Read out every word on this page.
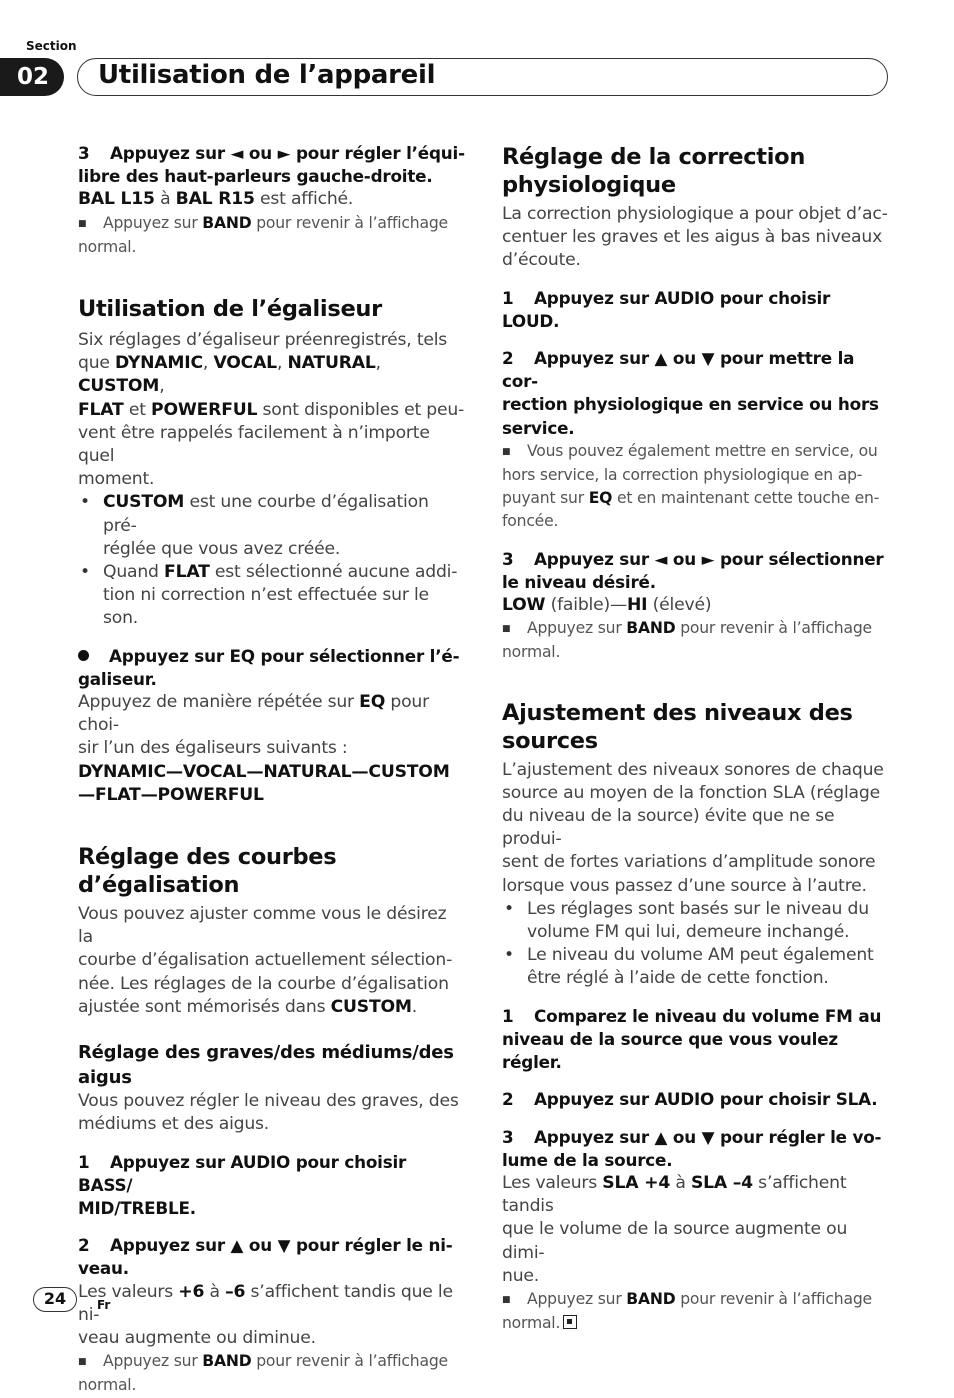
Section
02	Utilisation de l’appareil

3 Appuyez sur ◄ ou ► pour régler l’équi-
libre des haut-parleurs gauche-droite.

BAL L15 à BAL R15 est affiché.

■ Appuyez sur BAND pour revenir à l’affichage
normal.

Utilisation de l’égaliseur

Six réglages d’égaliseur préenregistrés, tels
que DYNAMIC, VOCAL, NATURAL, CUSTOM,
FLAT et POWERFUL sont disponibles et peu-
vent être rappelés facilement à n’importe quel
moment.

• CUSTOM est une courbe d’égalisation pré-
réglée que vous avez créée.
• Quand FLAT est sélectionné aucune addi-
tion ni correction n’est effectuée sur le son.

Appuyez sur EQ pour sélectionner l’é-
galiseur.

Appuyez de manière répétée sur EQ pour choi-
sir l’un des égaliseurs suivants :

DYNAMIC—VOCAL—NATURAL—CUSTOM
—FLAT—POWERFUL

Réglage des courbes d’égalisation

Vous pouvez ajuster comme vous le désirez la
courbe d’égalisation actuellement sélection-
née. Les réglages de la courbe d’égalisation
ajustée sont mémorisés dans CUSTOM.

Réglage des graves/des médiums/des
aigus

Vous pouvez régler le niveau des graves, des
médiums et des aigus.

1 Appuyez sur AUDIO pour choisir BASS/
MID/TREBLE.

2 Appuyez sur ▲ ou ▼ pour régler le ni-
veau.

Les valeurs +6 à –6 s’affichent tandis que le ni-
veau augmente ou diminue.

■ Appuyez sur BAND pour revenir à l’affichage
normal.

Réglage de la correction
physiologique

La correction physiologique a pour objet d’ac-
centuer les graves et les aigus à bas niveaux
d’écoute.

1 Appuyez sur AUDIO pour choisir LOUD.

2 Appuyez sur ▲ ou ▼ pour mettre la cor-
rection physiologique en service ou hors
service.

■ Vous pouvez également mettre en service, ou
hors service, la correction physiologique en ap-
puyant sur EQ et en maintenant cette touche en-
foncée.

3 Appuyez sur ◄ ou ► pour sélectionner
le niveau désiré.

LOW (faible)—HI (élevé)

■ Appuyez sur BAND pour revenir à l’affichage
normal.

Ajustement des niveaux des
sources

L’ajustement des niveaux sonores de chaque
source au moyen de la fonction SLA (réglage
du niveau de la source) évite que ne se produi-
sent de fortes variations d’amplitude sonore
lorsque vous passez d’une source à l’autre.

• Les réglages sont basés sur le niveau du
volume FM qui lui, demeure inchangé.
• Le niveau du volume AM peut également
être réglé à l’aide de cette fonction.

1 Comparez le niveau du volume FM au
niveau de la source que vous voulez régler.

2 Appuyez sur AUDIO pour choisir SLA.

3 Appuyez sur ▲ ou ▼ pour régler le vo-
lume de la source.

Les valeurs SLA +4 à SLA –4 s’affichent tandis
que le volume de la source augmente ou dimi-
nue.

■ Appuyez sur BAND pour revenir à l’affichage
normal.

24	Fr
